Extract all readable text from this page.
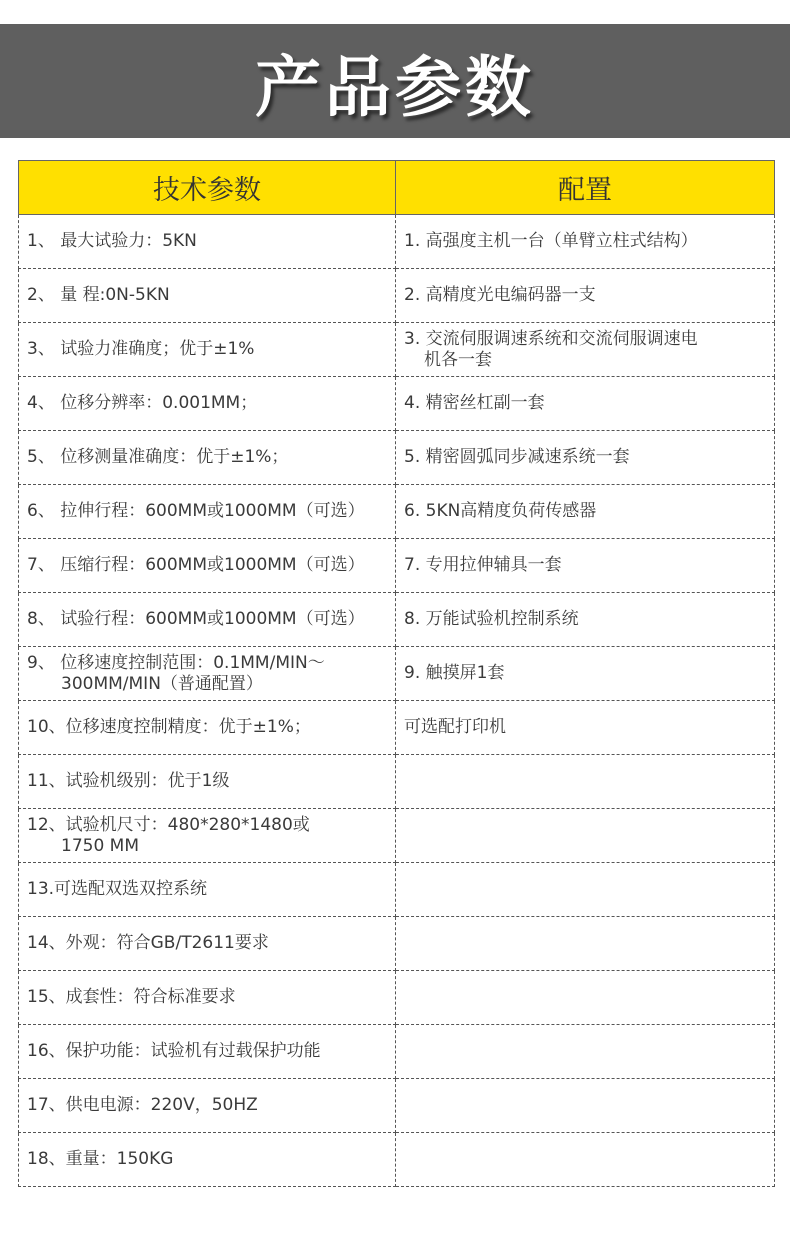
产品参数
技术参数	配置
1、 最大试验力：5KN	1. 高强度主机一台（单臂立柱式结构）
2、 量 程:0N-5KN	2. 高精度光电编码器一支
3、 试验力准确度；优于±1%	3. 交流伺服调速系统和交流伺服调速电
机各一套

4、 位移分辨率：0.001MM；	4. 精密丝杠副一套
5、 位移测量准确度：优于±1%；	5. 精密圆弧同步减速系统一套
6、 拉伸行程：600MM或1000MM（可选）	6. 5KN高精度负荷传感器
7、 压缩行程：600MM或1000MM（可选）	7. 专用拉伸辅具一套
8、 试验行程：600MM或1000MM（可选）	8. 万能试验机控制系统

9、 位移速度控制范围：0.1MM/MIN～
300MM/MIN（普通配置）	9. 触摸屏1套
10、位移速度控制精度：优于±1%；	可选配打印机
11、试验机级别：优于1级	

12、试验机尺寸：480*280*1480或
1750 MM	

13.可选配双选双控系统	
14、外观：符合GB/T2611要求	
15、成套性：符合标准要求	
16、保护功能：试验机有过载保护功能	
17、供电电源：220V，50HZ	
18、重量：150KG	
